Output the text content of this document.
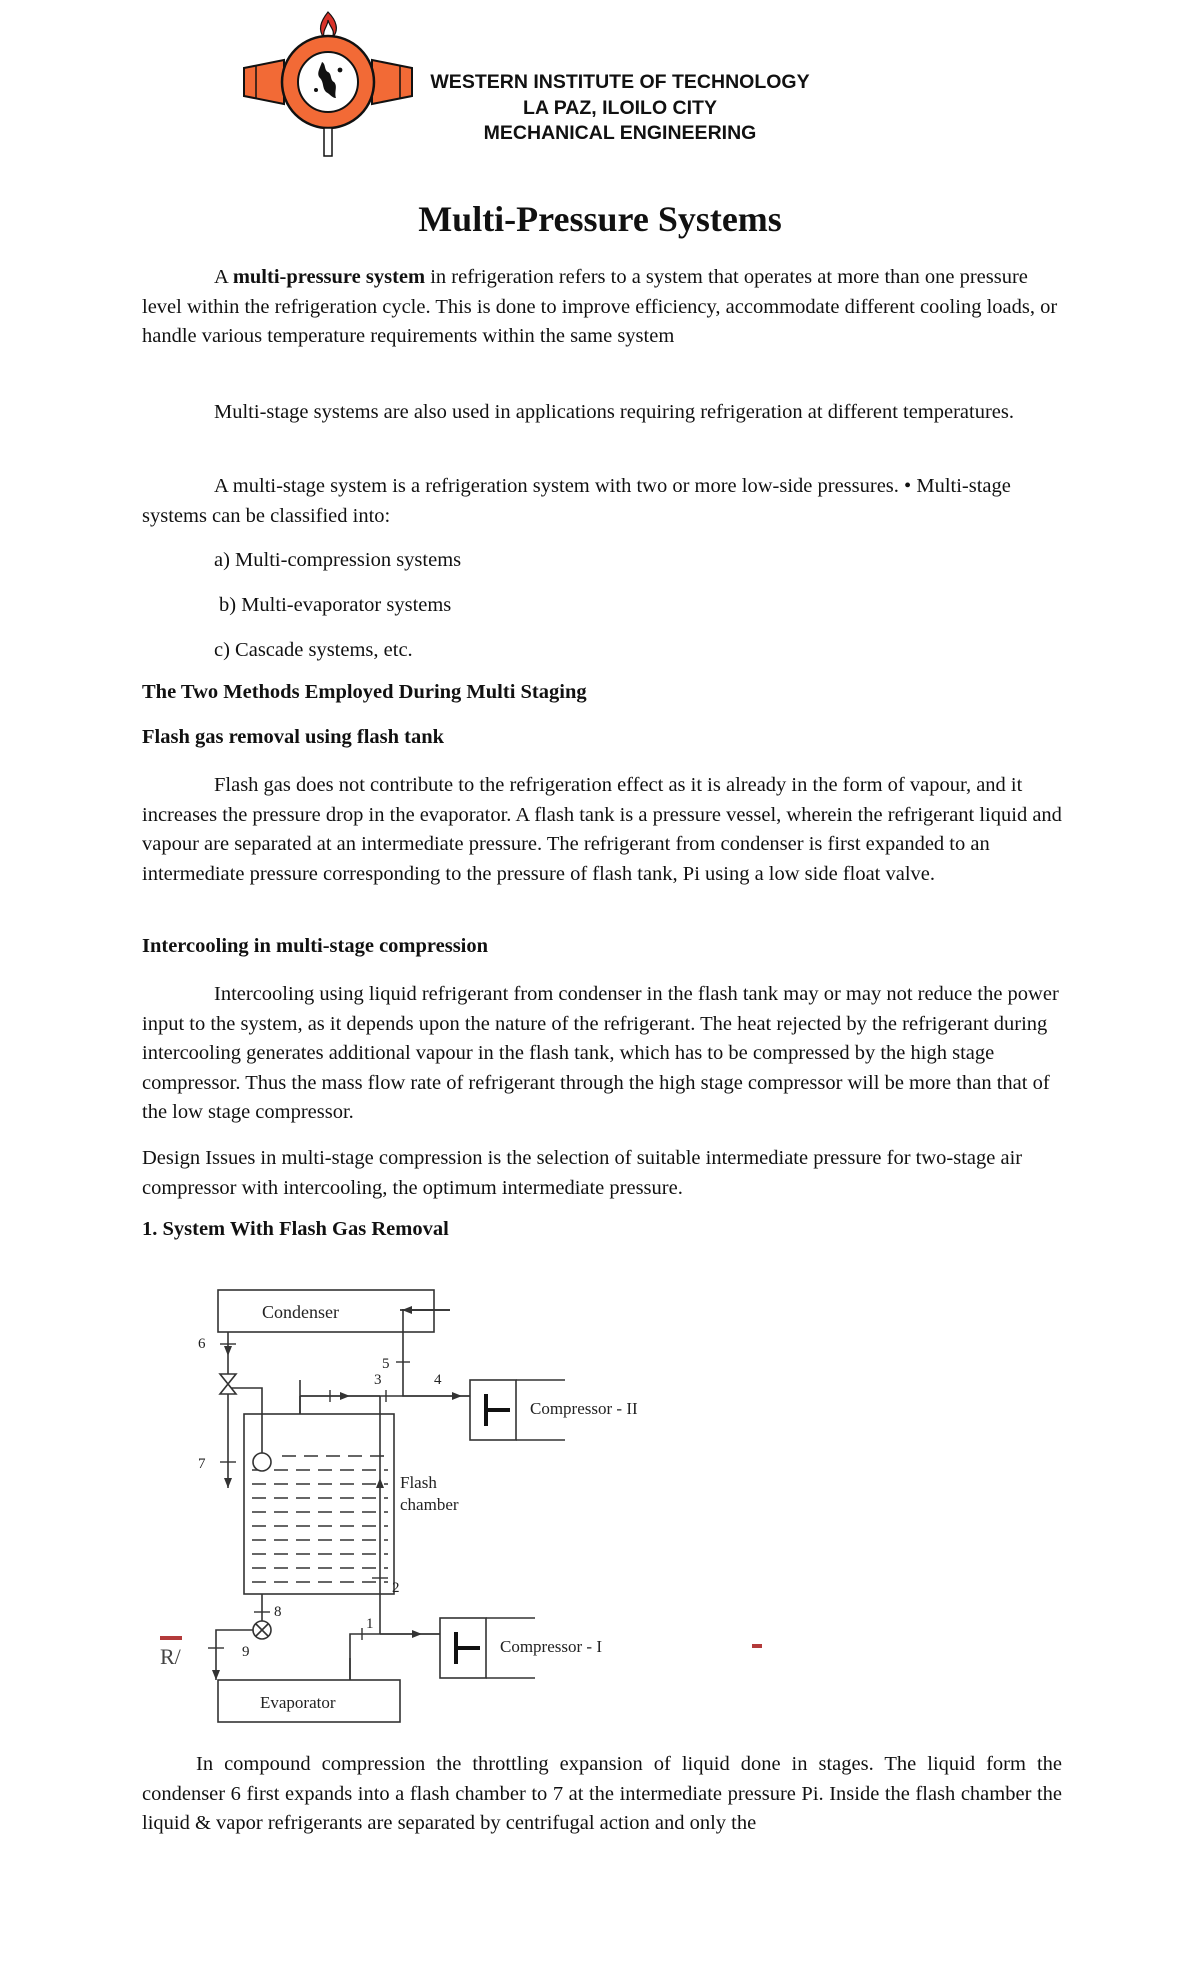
WESTERN INSTITUTE OF TECHNOLOGY
LA PAZ, ILOILO CITY
MECHANICAL ENGINEERING
Multi-Pressure Systems

A multi-pressure system in refrigeration refers to a system that operates at more than one pressure level within the refrigeration cycle. This is done to improve efficiency, accommodate different cooling loads, or handle various temperature requirements within the same system

Multi-stage systems are also used in applications requiring refrigeration at different temperatures.

A multi-stage system is a refrigeration system with two or more low-side pressures. • Multi-stage systems can be classified into:

a) Multi-compression systems

b) Multi-evaporator systems

c) Cascade systems, etc.

The Two Methods Employed During Multi Staging

Flash gas removal using flash tank

Flash gas does not contribute to the refrigeration effect as it is already in the form of vapour, and it increases the pressure drop in the evaporator. A flash tank is a pressure vessel, wherein the refrigerant liquid and vapour are separated at an intermediate pressure. The refrigerant from condenser is first expanded to an intermediate pressure corresponding to the pressure of flash tank, Pi using a low side float valve.

Intercooling in multi-stage compression

Intercooling using liquid refrigerant from condenser in the flash tank may or may not reduce the power input to the system, as it depends upon the nature of the refrigerant. The heat rejected by the refrigerant during intercooling generates additional vapour in the flash tank, which has to be compressed by the high stage compressor. Thus the mass flow rate of refrigerant through the high stage compressor will be more than that of the low stage compressor.

Design Issues in multi-stage compression is the selection of suitable intermediate pressure for two-stage air compressor with intercooling, the optimum intermediate pressure.

1. System With Flash Gas Removal

Condenser
Compressor - II
Compressor - I
Flash
chamber
Evaporator
1
2
3	4
5
6
7
8
9
R/

In compound compression the throttling expansion of liquid done in stages. The liquid form the condenser 6 first expands into a flash chamber to 7 at the intermediate pressure Pi. Inside the flash chamber the liquid & vapor refrigerants are separated by centrifugal action and only the
